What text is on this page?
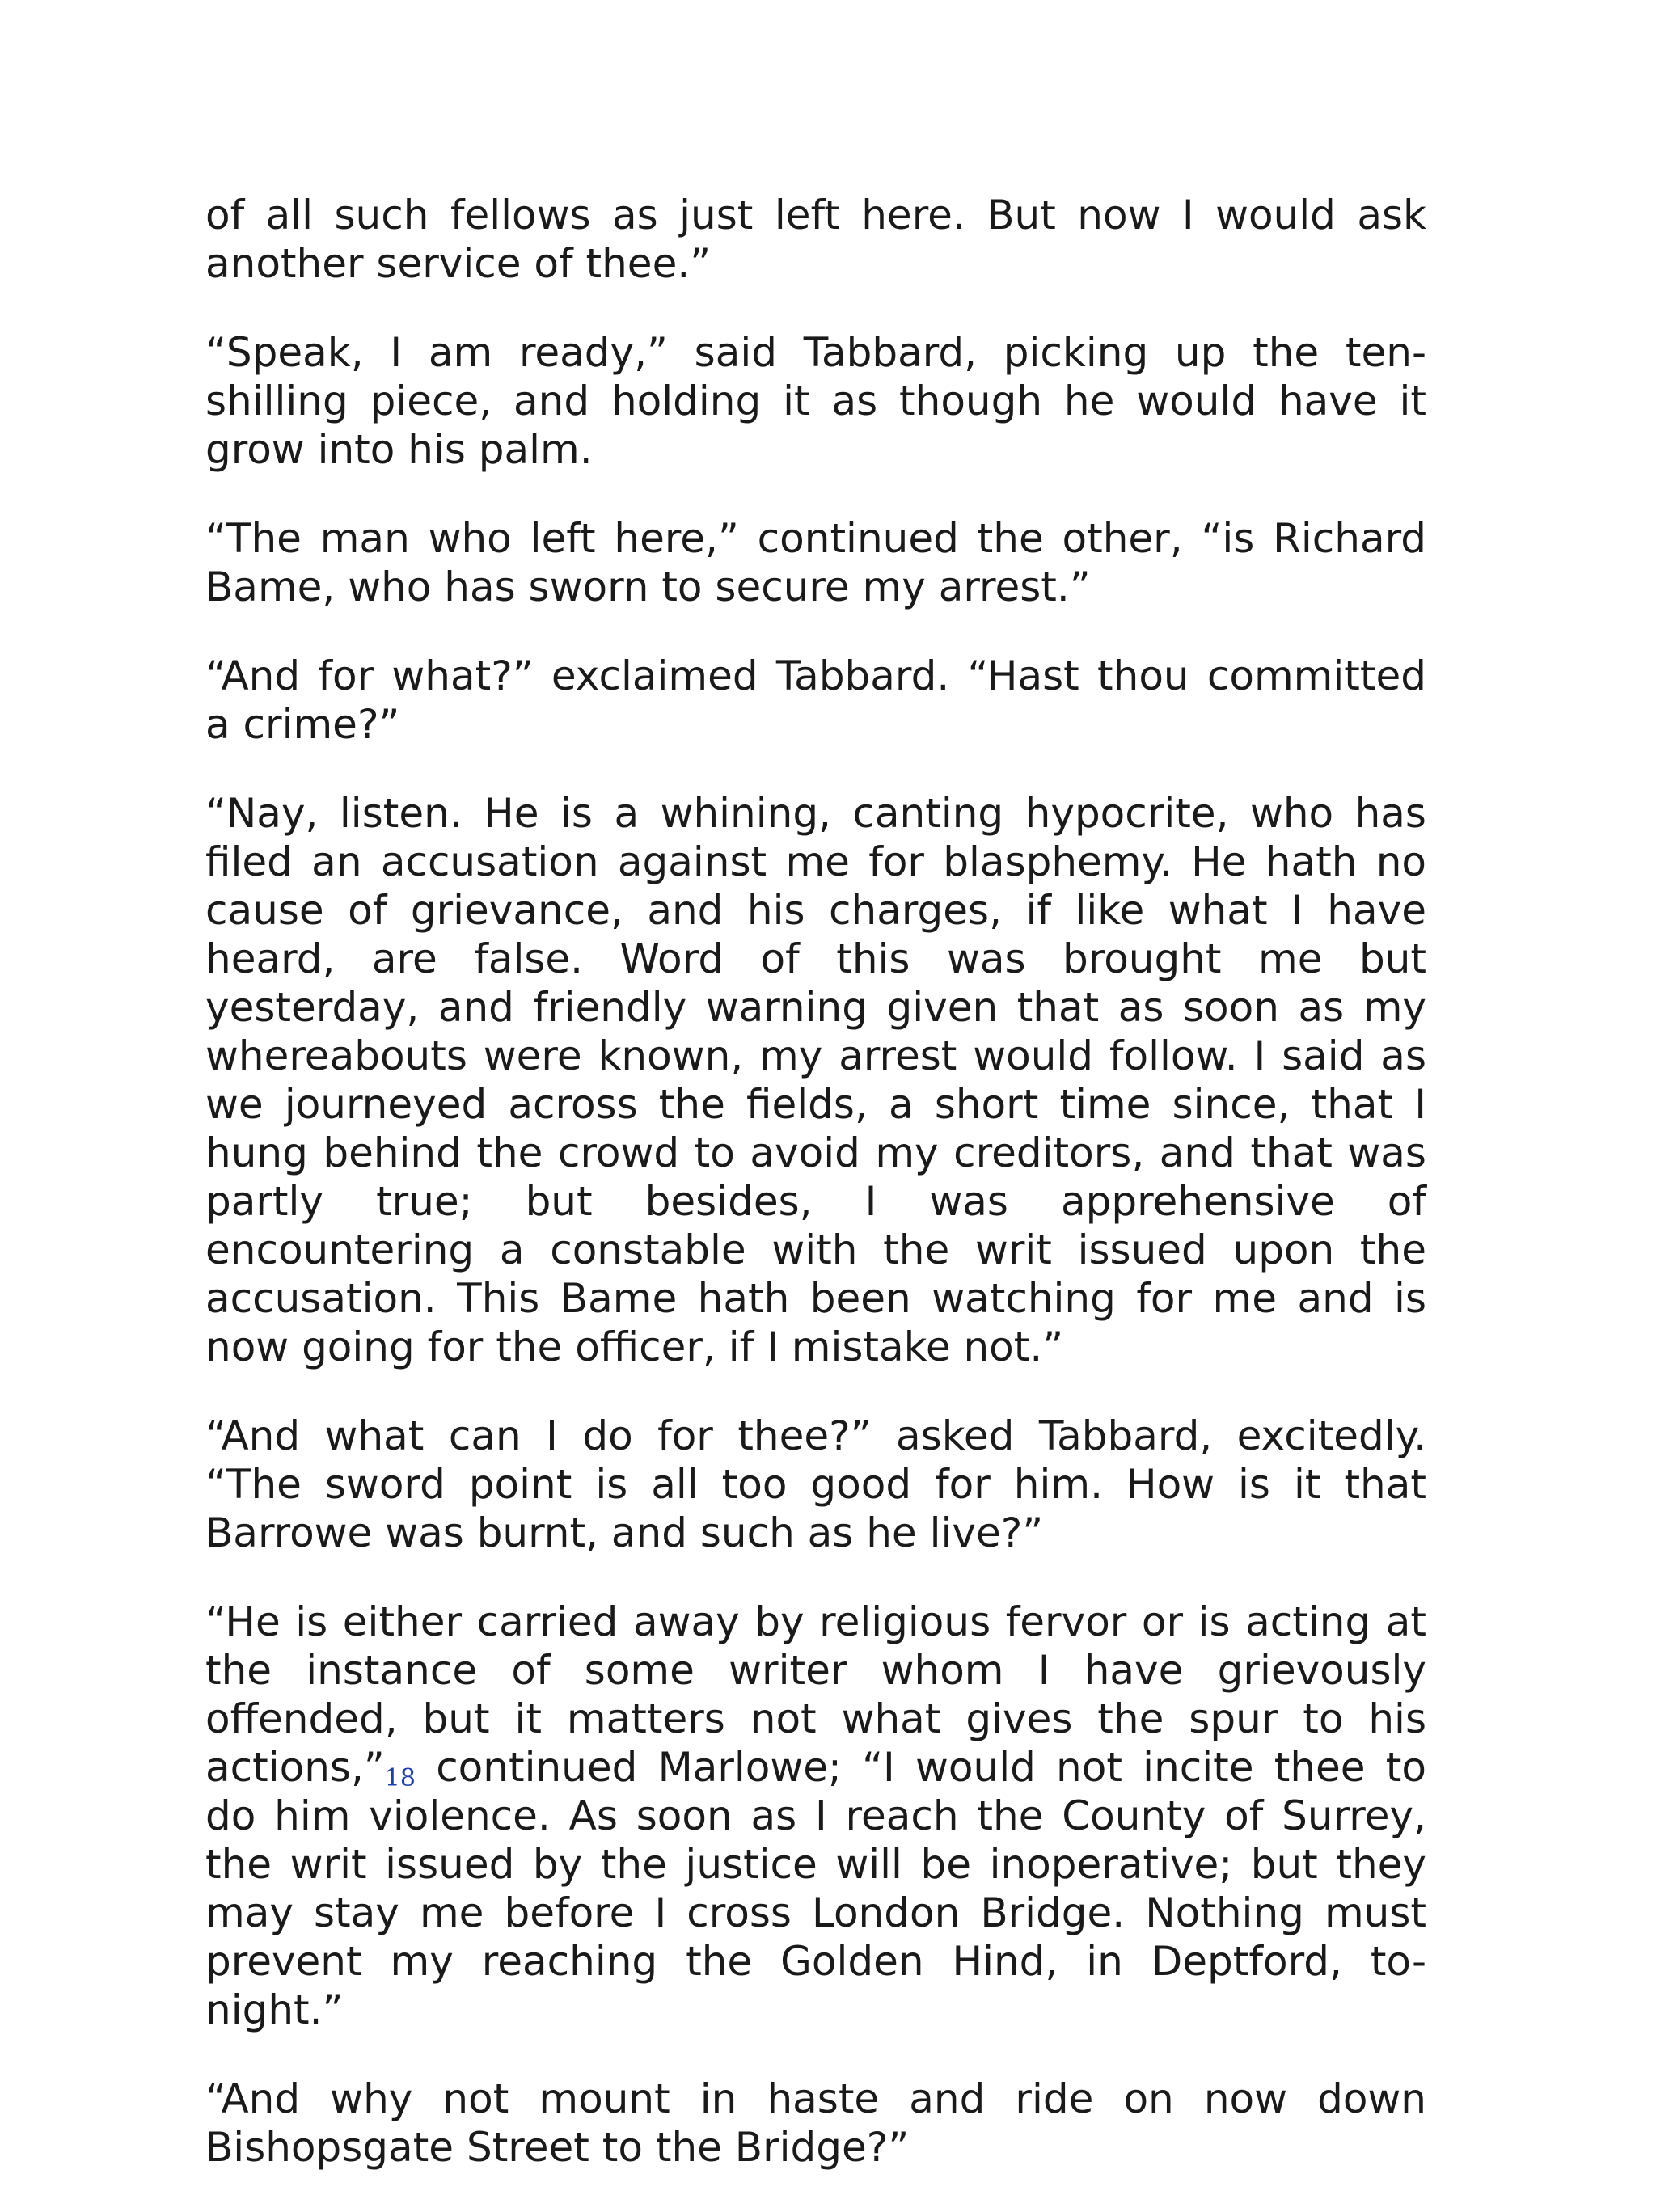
of all such fellows as just left here. But now I would ask another service of thee.”

“Speak, I am ready,” said Tabbard, picking up the ten-shilling piece, and holding it as though he would have it grow into his palm.

“The man who left here,” continued the other, “is Richard Bame, who has sworn to secure my arrest.”

“And for what?” exclaimed Tabbard. “Hast thou committed a crime?”

“Nay, listen. He is a whining, canting hypocrite, who has filed an accusation against me for blasphemy. He hath no cause of grievance, and his charges, if like what I have heard, are false. Word of this was brought me but yesterday, and friendly warning given that as soon as my whereabouts were known, my arrest would follow. I said as we journeyed across the fields, a short time since, that I hung behind the crowd to avoid my creditors, and that was partly true; but besides, I was apprehensive of encountering a constable with the writ issued upon the accusation. This Bame hath been watching for me and is now going for the officer, if I mistake not.”

“And what can I do for thee?” asked Tabbard, excitedly. “The sword point is all too good for him. How is it that Barrowe was burnt, and such as he live?”

“He is either carried away by religious fervor or is acting at the instance of some writer whom I have grievously offended, but it matters not what gives the spur to his actions,”18 continued Marlowe; “I would not incite thee to do him violence. As soon as I reach the County of Surrey, the writ issued by the justice will be inoperative; but they may stay me before I cross London Bridge. Nothing must prevent my reaching the Golden Hind, in Deptford, to-night.”

“And why not mount in haste and ride on now down Bishopsgate Street to the Bridge?”
